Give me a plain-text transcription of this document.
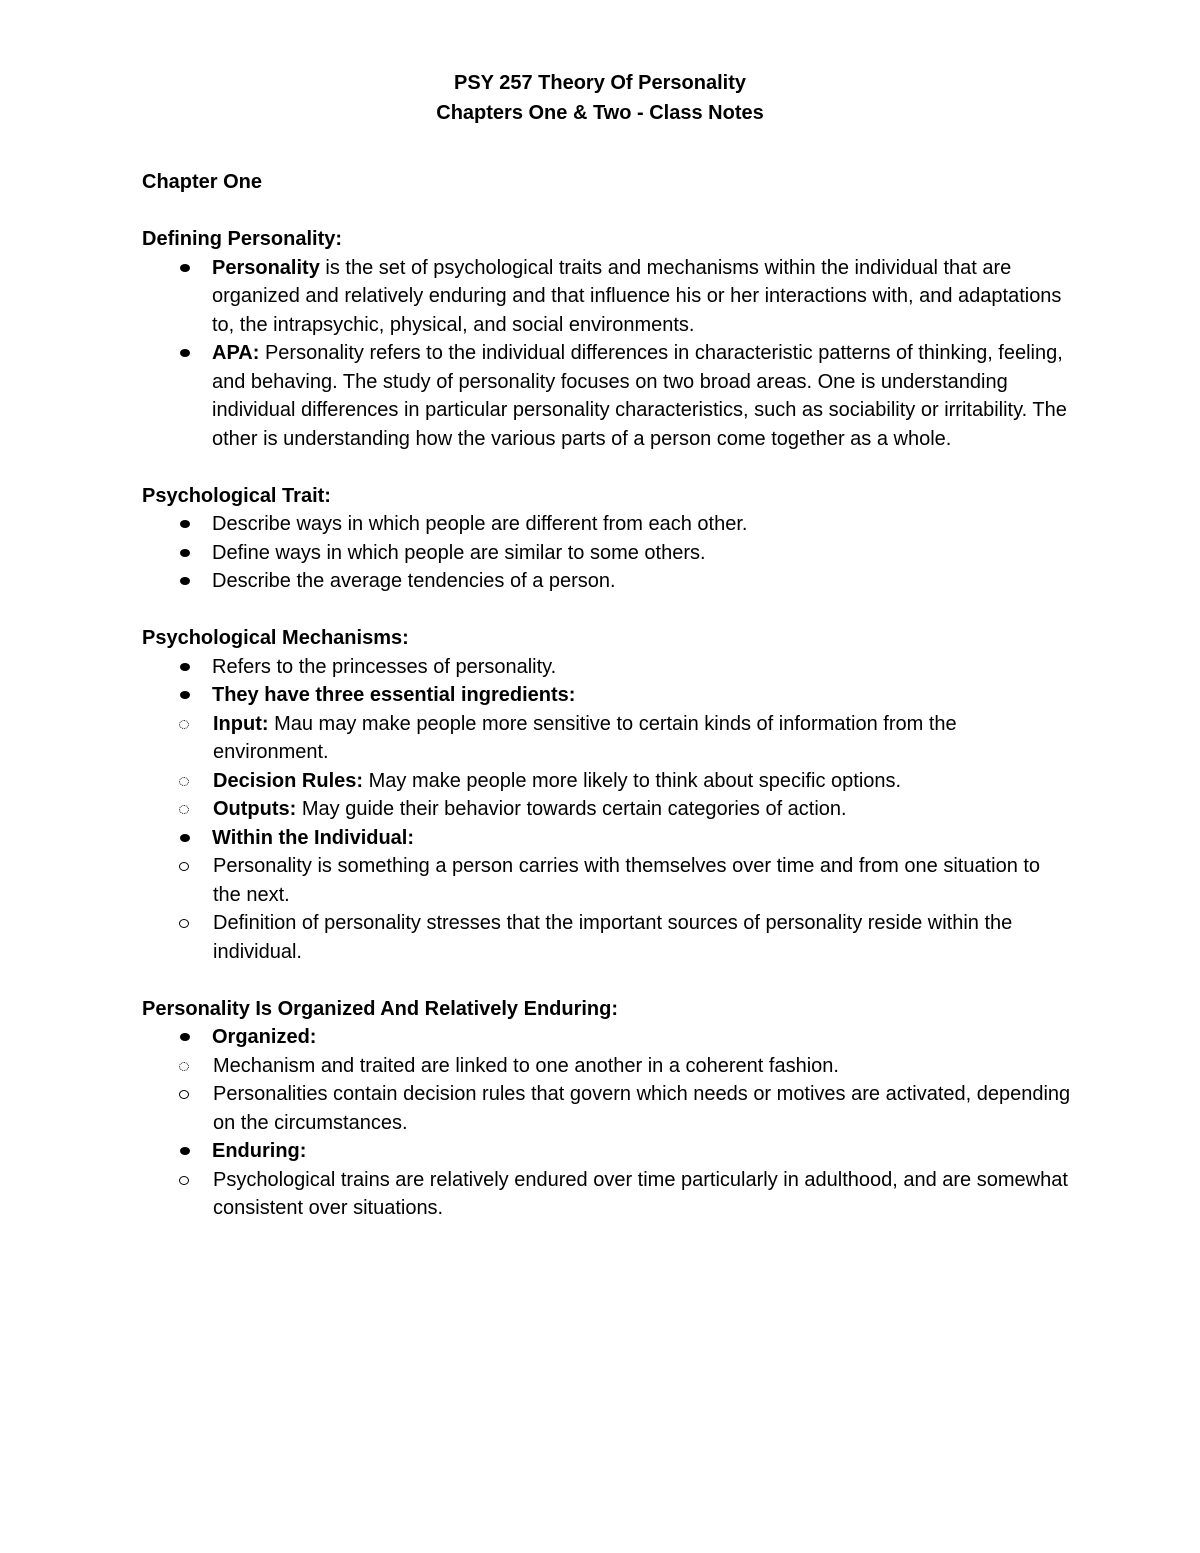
PSY 257 Theory Of Personality
Chapters One & Two - Class Notes

Chapter One

Defining Personality:

Personality is the set of psychological traits and mechanisms within the individual that are organized and relatively enduring and that influence his or her interactions with, and adaptations to, the intrapsychic, physical, and social environments.
APA: Personality refers to the individual differences in characteristic patterns of thinking, feeling, and behaving. The study of personality focuses on two broad areas. One is understanding individual differences in particular personality characteristics, such as sociability or irritability. The other is understanding how the various parts of a person come together as a whole.

Psychological Trait:

Describe ways in which people are different from each other.
Define ways in which people are similar to some others.
Describe the average tendencies of a person.

Psychological Mechanisms:

Refers to the princesses of personality.
They have three essential ingredients:
Input: Mau may make people more sensitive to certain kinds of information from the environment.
Decision Rules: May make people more likely to think about specific options.
Outputs: May guide their behavior towards certain categories of action.
Within the Individual:
Personality is something a person carries with themselves over time and from one situation to the next.
Definition of personality stresses that the important sources of personality reside within the individual.

Personality Is Organized And Relatively Enduring:

Organized:
Mechanism and traited are linked to one another in a coherent fashion.
Personalities contain decision rules that govern which needs or motives are activated, depending on the circumstances.
Enduring:
Psychological trains are relatively endured over time particularly in adulthood, and are somewhat consistent over situations.
